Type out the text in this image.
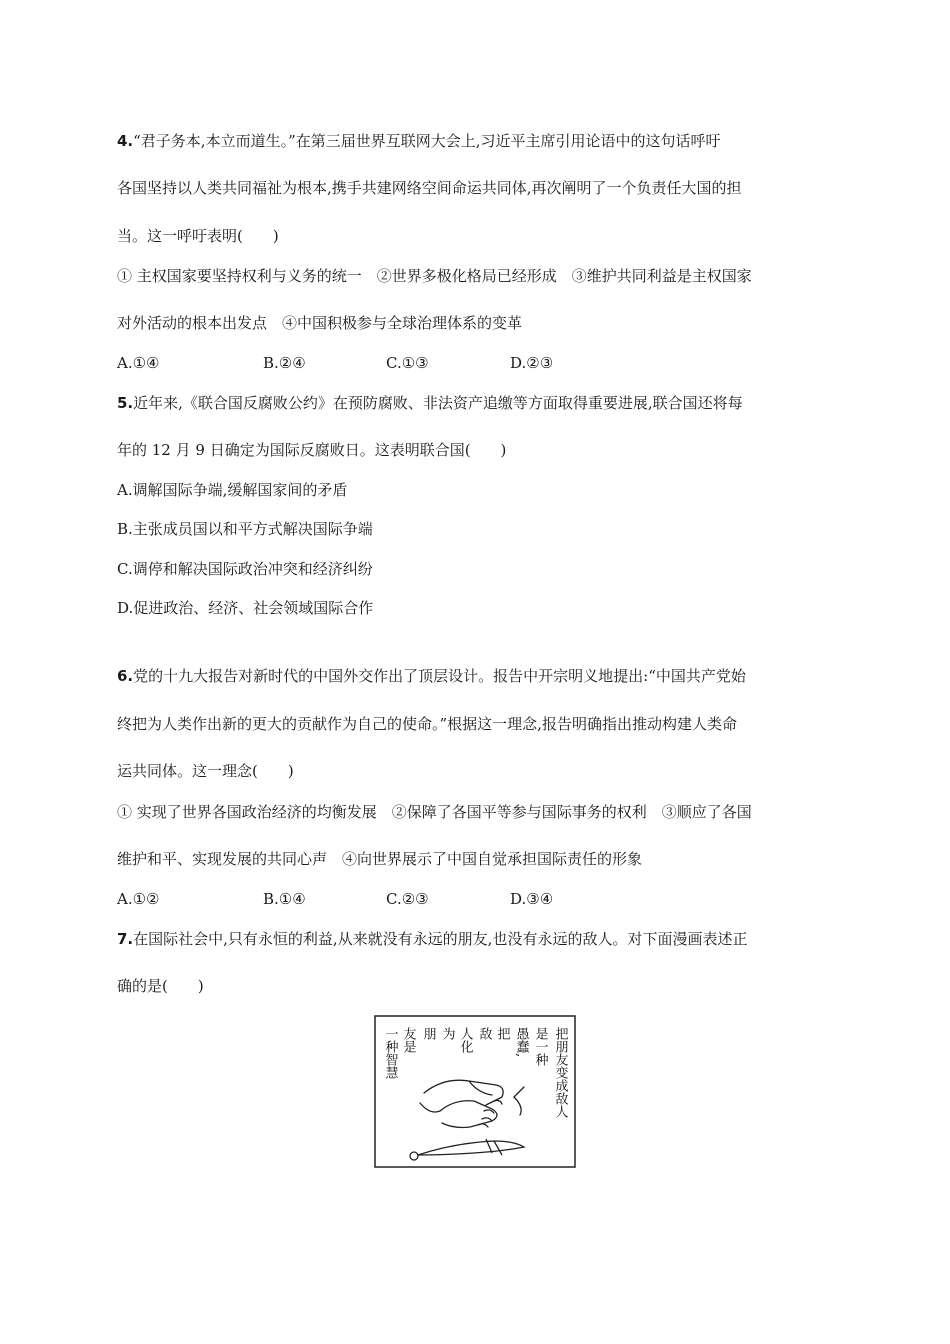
4.“君子务本,本立而道生。”在第三届世界互联网大会上,习近平主席引用论语中的这句话呼吁
各国坚持以人类共同福祉为根本,携手共建网络空间命运共同体,再次阐明了一个负责任大国的担
当。这一呼吁表明(　　)
① 主权国家要坚持权利与义务的统一　②世界多极化格局已经形成　③维护共同利益是主权国家
对外活动的根本出发点　④中国积极参与全球治理体系的变革
A.①④	B.②④	C.①③	D.②③
5.近年来,《联合国反腐败公约》在预防腐败、非法资产追缴等方面取得重要进展,联合国还将每
年的 12 月 9 日确定为国际反腐败日。这表明联合国(　　)
A.调解国际争端,缓解国家间的矛盾
B.主张成员国以和平方式解决国际争端
C.调停和解决国际政治冲突和经济纠纷
D.促进政治、经济、社会领域国际合作
6.党的十九大报告对新时代的中国外交作出了顶层设计。报告中开宗明义地提出:“中国共产党始
终把为人类作出新的更大的贡献作为自己的使命。”根据这一理念,报告明确指出推动构建人类命
运共同体。这一理念(　　)
① 实现了世界各国政治经济的均衡发展　②保障了各国平等参与国际事务的权利　③顺应了各国
维护和平、实现发展的共同心声　④向世界展示了中国自觉承担国际责任的形象
A.①②	B.①④	C.②③	D.③④
7.在国际社会中,只有永恒的利益,从来就没有永远的朋友,也没有永远的敌人。对下面漫画表述正
确的是(　　)
一种智慧 友是 朋 为 人化 敌 把 愚蠢, 是一种 把朋友变成敌人
